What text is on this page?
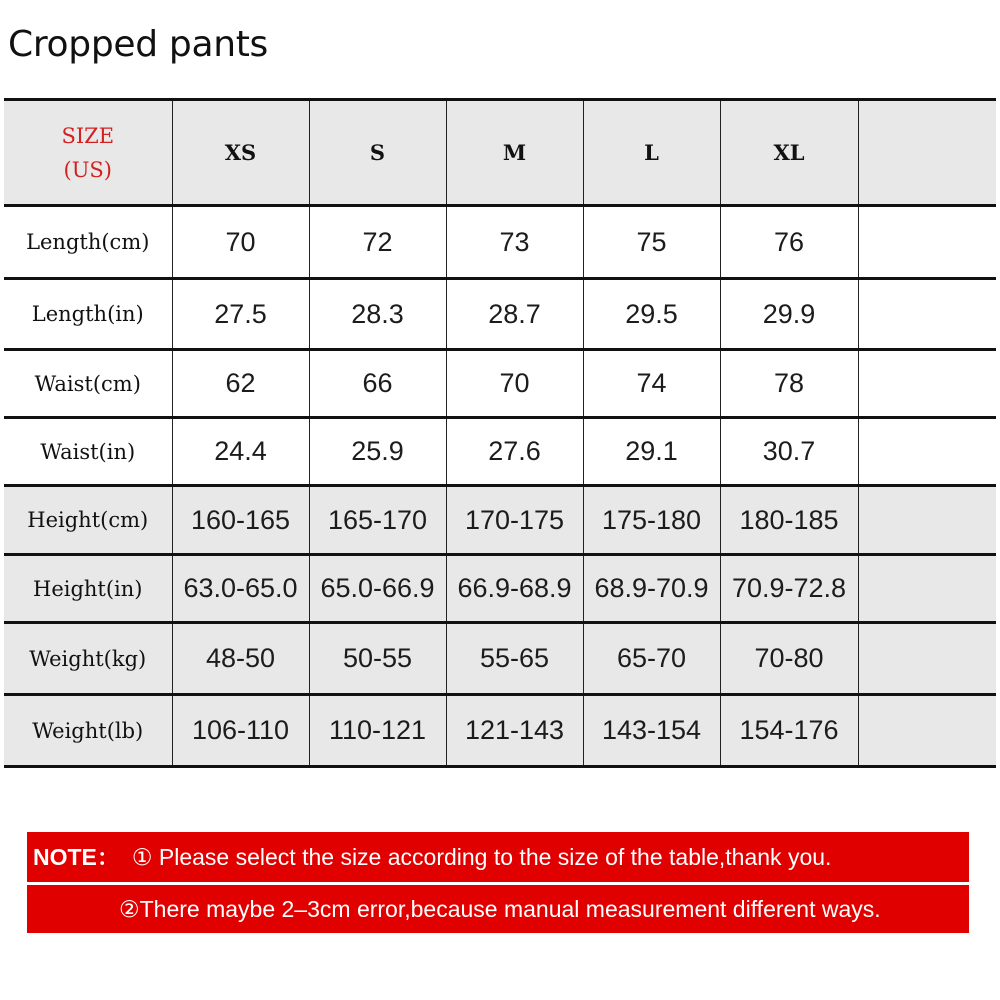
Cropped pants
SIZE
(US)	XS	S	M	L	XL	
Length(cm)	70	72	73	75	76	
Length(in)	27.5	28.3	28.7	29.5	29.9	
Waist(cm)	62	66	70	74	78	
Waist(in)	24.4	25.9	27.6	29.1	30.7	
Height(cm)	160-165	165-170	170-175	175-180	180-185	
Height(in)	63.0-65.0	65.0-66.9	66.9-68.9	68.9-70.9	70.9-72.8	
Weight(kg)	48-50	50-55	55-65	65-70	70-80	
Weight(lb)	106-110	110-121	121-143	143-154	154-176	
NOTE： ① Please select the size according to the size of the table,thank you.
②There maybe 2–3cm error,because manual measurement different ways.
